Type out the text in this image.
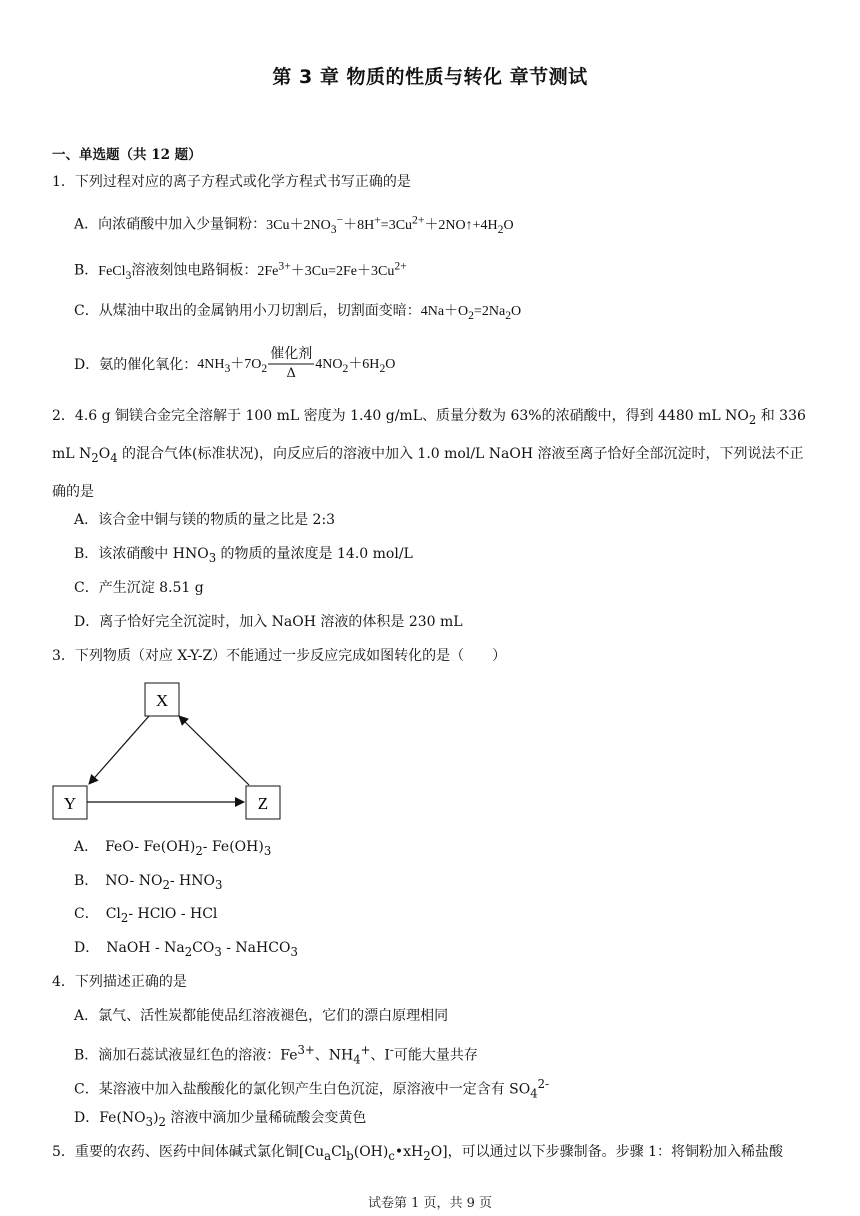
第 3 章 物质的性质与转化 章节测试
一、单选题（共 12 题）
1．下列过程对应的离子方程式或化学方程式书写正确的是
A．向浓硝酸中加入少量铜粉：$3Cu+2NO_3^-+8H^+=3Cu^{2+}+2NO↑+4H_2O$
B．FeCl$_3$溶液刻蚀电路铜板：$2Fe^{3+}+3Cu=2Fe+3Cu^{2+}$
C．从煤油中取出的金属钠用小刀切割后，切割面变暗：$4Na+O_2=2Na_2O$
D．氨的催化氧化：$4NH_3+7O_2 \frac{\text{催化剂}}{\Delta} 4NO_2+6H_2O$
2．4.6 g 铜镁合金完全溶解于 100 mL 密度为 1.40 g/mL、质量分数为 63%的浓硝酸中，得到 4480 mL $NO_2$ 和 336 mL $N_2O_4$ 的混合气体(标准状况)，向反应后的溶液中加入 1.0 mol/L NaOH 溶液至离子恰好全部沉淀时，下列说法不正确的是
A．该合金中铜与镁的物质的量之比是 2:3
B．该浓硝酸中 $HNO_3$ 的物质的量浓度是 14.0 mol/L
C．产生沉淀 8.51 g
D．离子恰好完全沉淀时，加入 NaOH 溶液的体积是 230 mL
3．下列物质（对应 X-Y-Z）不能通过一步反应完成如图转化的是（　　）
X
Y	Z
A．　FeO- $Fe(OH)_2-$ $Fe(OH)_3$
B．　NO- $NO_2-$ $HNO_3$
C．　$Cl_2-$ HClO - HCl
D．　NaOH - $Na_2CO_3$ - NaHCO$_3$
4．下列描述正确的是
A．氯气、活性炭都能使品红溶液褪色，它们的漂白原理相同
B．滴加石蕊试液显红色的溶液：$Fe^{3+}$、$NH_4^+$、I-可能大量共存
C．某溶液中加入盐酸酸化的氯化钡产生白色沉淀，原溶液中一定含有 $SO_4^{2-}$
D．$Fe(NO_3)_2$ 溶液中滴加少量稀硫酸会变黄色
5．重要的农药、医药中间体碱式氯化铜$[Cu_aCl_b(OH)_c•xH_2O]$，可以通过以下步骤制备。步骤 1：将铜粉加入稀盐酸
试卷第 1 页，共 9 页
